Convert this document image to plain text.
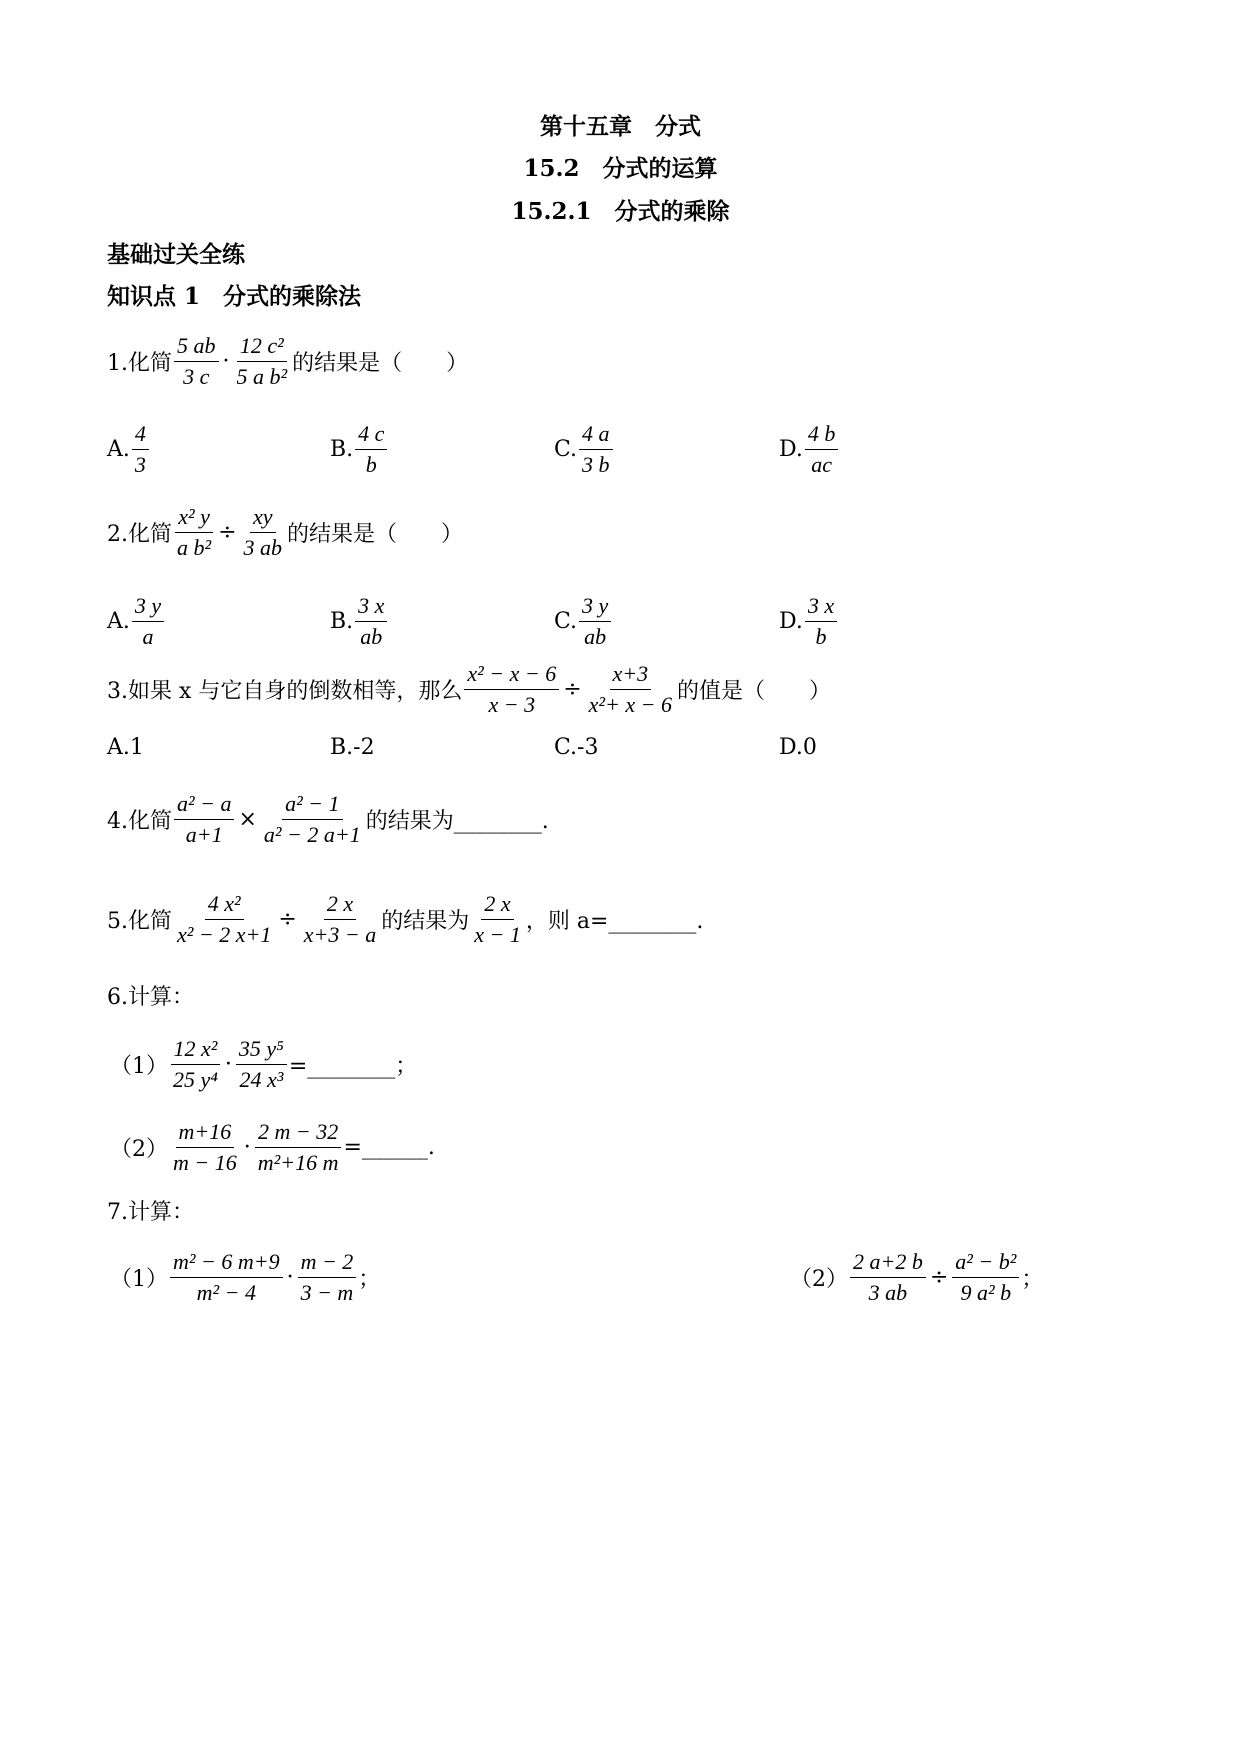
第十五章　分式
15.2　分式的运算
15.2.1　分式的乘除
基础过关全练
知识点 1　分式的乘除法
1.化简 $\frac{5 ab}{3 c} \cdot \frac{\text{12 c²}}{\text{5 a b²}}$ 的结果是（　　）
A. $\frac{4}{3}$	B. $\frac{4 c}{b}$	C. $\frac{4 a}{3 b}$	D. $\frac{4 b}{ac}$
2.化简 $\frac{\text{x² y}}{\text{a b²}} \div \frac{xy}{3 ab}$ 的结果是（　　）
A. $\frac{3 y}{a}$	B. $\frac{3 x}{ab}$	C. $\frac{3 y}{ab}$	D. $\frac{3 x}{b}$
3.如果 x 与它自身的倒数相等，那么 $\frac{\text{x² − x − 6}}{x - 3} \div \frac{x+3}{\text{x²+ x − 6}}$ 的值是（　　）
A.1	B.-2	C.-3	D.0
4.化简 $\frac{\text{a² − a}}{a+1} \times \frac{\text{a² − 1}}{\text{a² − 2 a+1}}$ 的结果为________.
5.化简 $\frac{\text{4 x²}}{\text{x² − 2 x+1}} \div \frac{2 x}{x+3 - a}$ 的结果为 $\frac{2 x}{x - 1}$ ，则 a=________.
6.计算：
$(1) \frac{\text{12 x²}}{\text{25 y⁴}} \cdot \frac{\text{35 y⁵}}{\text{24 x³}}$ =________；
$(2) \frac{m+16}{m - 16} \cdot \frac{2 m - 32}{\text{m²+16 m}}$ =______.
7.计算：
$(1) \frac{\text{m² − 6 m+9}}{\text{m² − 4}} \cdot \frac{m - 2}{3 - m}$ ；	$(2) \frac{2 a+2 b}{3 ab} \div \frac{\text{a² − b²}}{\text{9 a² b}}$ ；
